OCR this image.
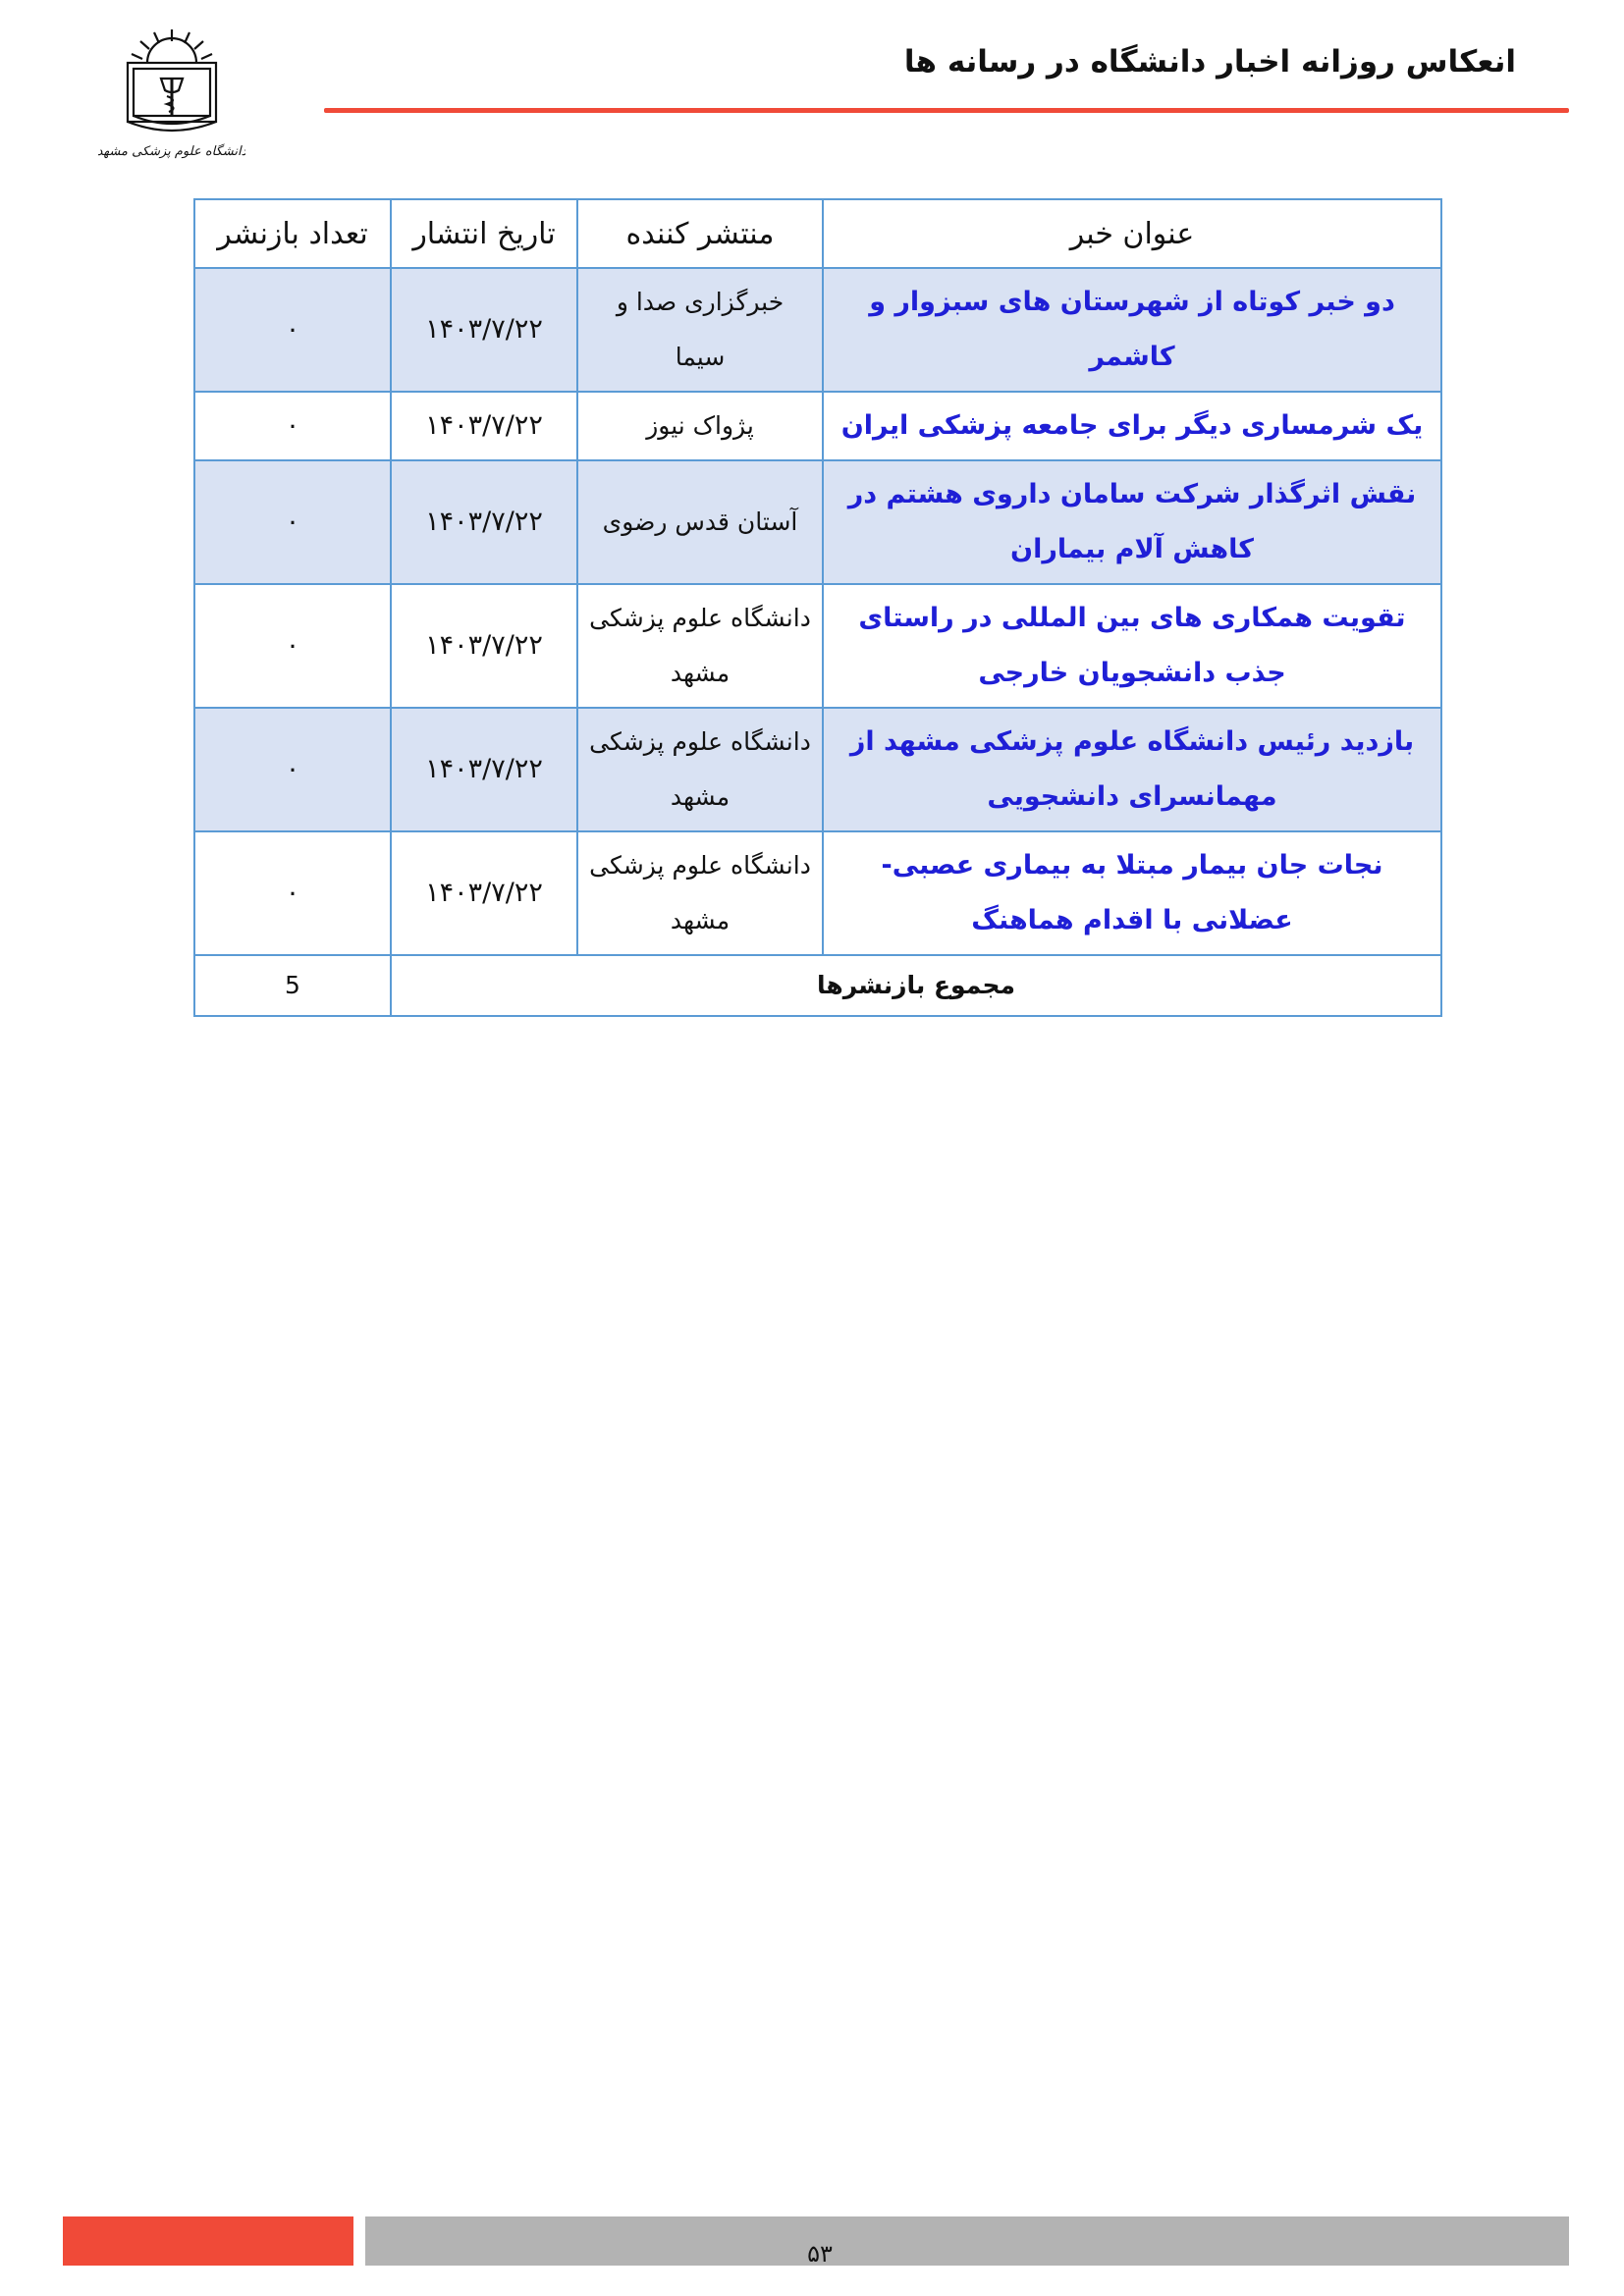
دانشگاه علوم پزشکی مشهد
انعکاس روزانه اخبار دانشگاه در رسانه ها
عنوان خبر	منتشر کننده	تاریخ انتشار	تعداد بازنشر
دو خبر کوتاه از شهرستان های سبزوار و کاشمر	خبرگزاری صدا و سیما	۱۴۰۳/۷/۲۲	۰
یک شرمساری دیگر برای جامعه پزشکی ایران	پژواک نیوز	۱۴۰۳/۷/۲۲	۰
نقش اثرگذار شرکت سامان داروی هشتم در کاهش آلام بیماران	آستان قدس رضوی	۱۴۰۳/۷/۲۲	۰
تقویت همکاری های بین المللی در راستای جذب دانشجویان خارجی	دانشگاه علوم پزشکی مشهد	۱۴۰۳/۷/۲۲	۰
بازدید رئیس دانشگاه علوم پزشکی مشهد از مهمانسرای دانشجویی	دانشگاه علوم پزشکی مشهد	۱۴۰۳/۷/۲۲	۰
نجات جان بیمار مبتلا به بیماری عصبی-عضلانی با اقدام هماهنگ	دانشگاه علوم پزشکی مشهد	۱۴۰۳/۷/۲۲	۰
مجموع بازنشرها			5
۵۳
